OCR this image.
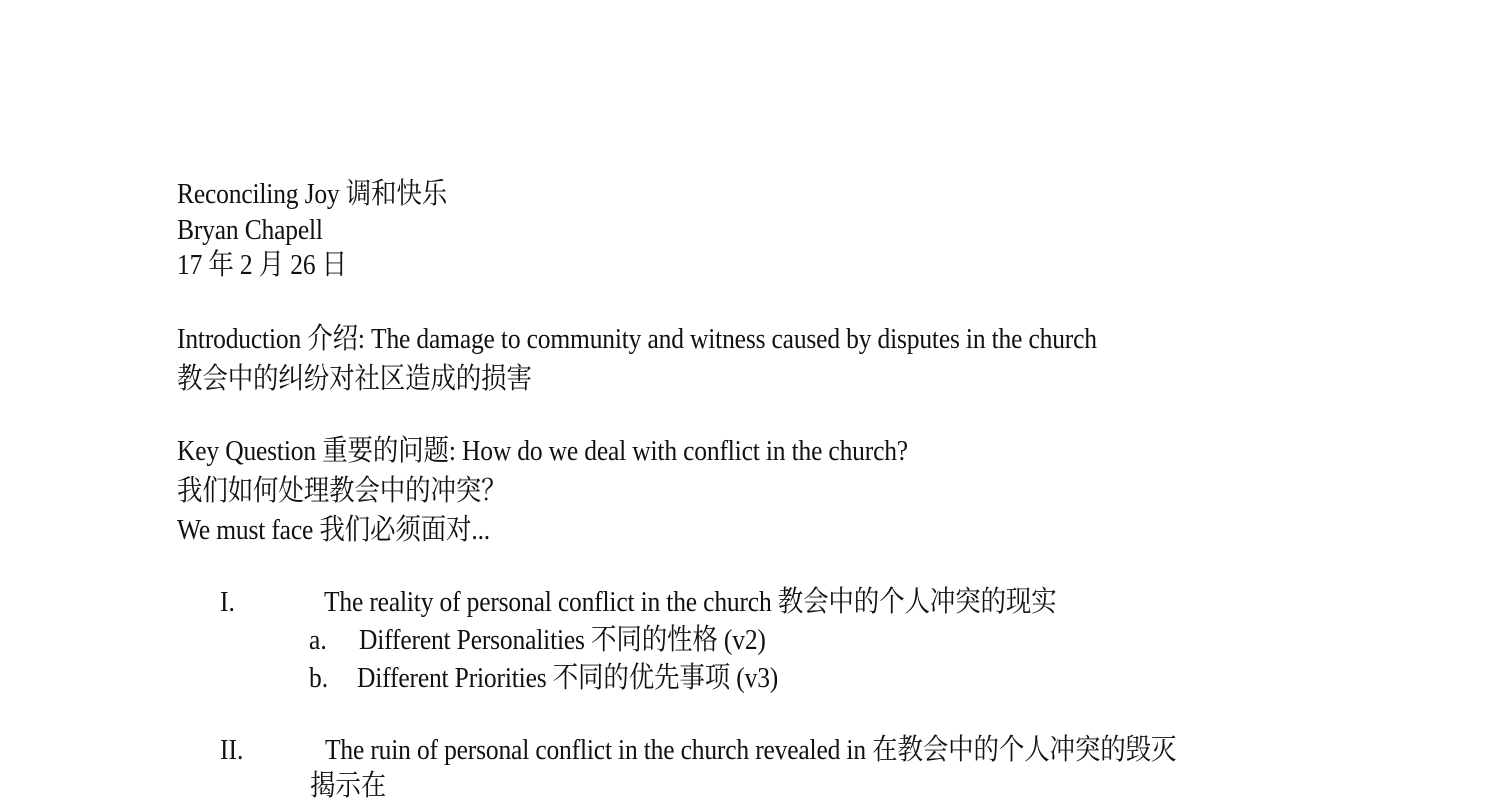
Reconciling Joy 调和快乐
Bryan Chapell
17 年 2 月 26 日
Introduction 介绍: The damage to community and witness caused by disputes in the church
教会中的纠纷对社区造成的损害
Key Question 重要的问题: How do we deal with conflict in the church?
我们如何处理教会中的冲突？
We must face 我们必须面对...
I.	The reality of personal conflict in the church 教会中的个人冲突的现实
a. Different Personalities 不同的性格 (v2)
b. Different Priorities 不同的优先事项 (v3)
II.	The ruin of personal conflict in the church revealed in 在教会中的个人冲突的毁灭
揭示在
